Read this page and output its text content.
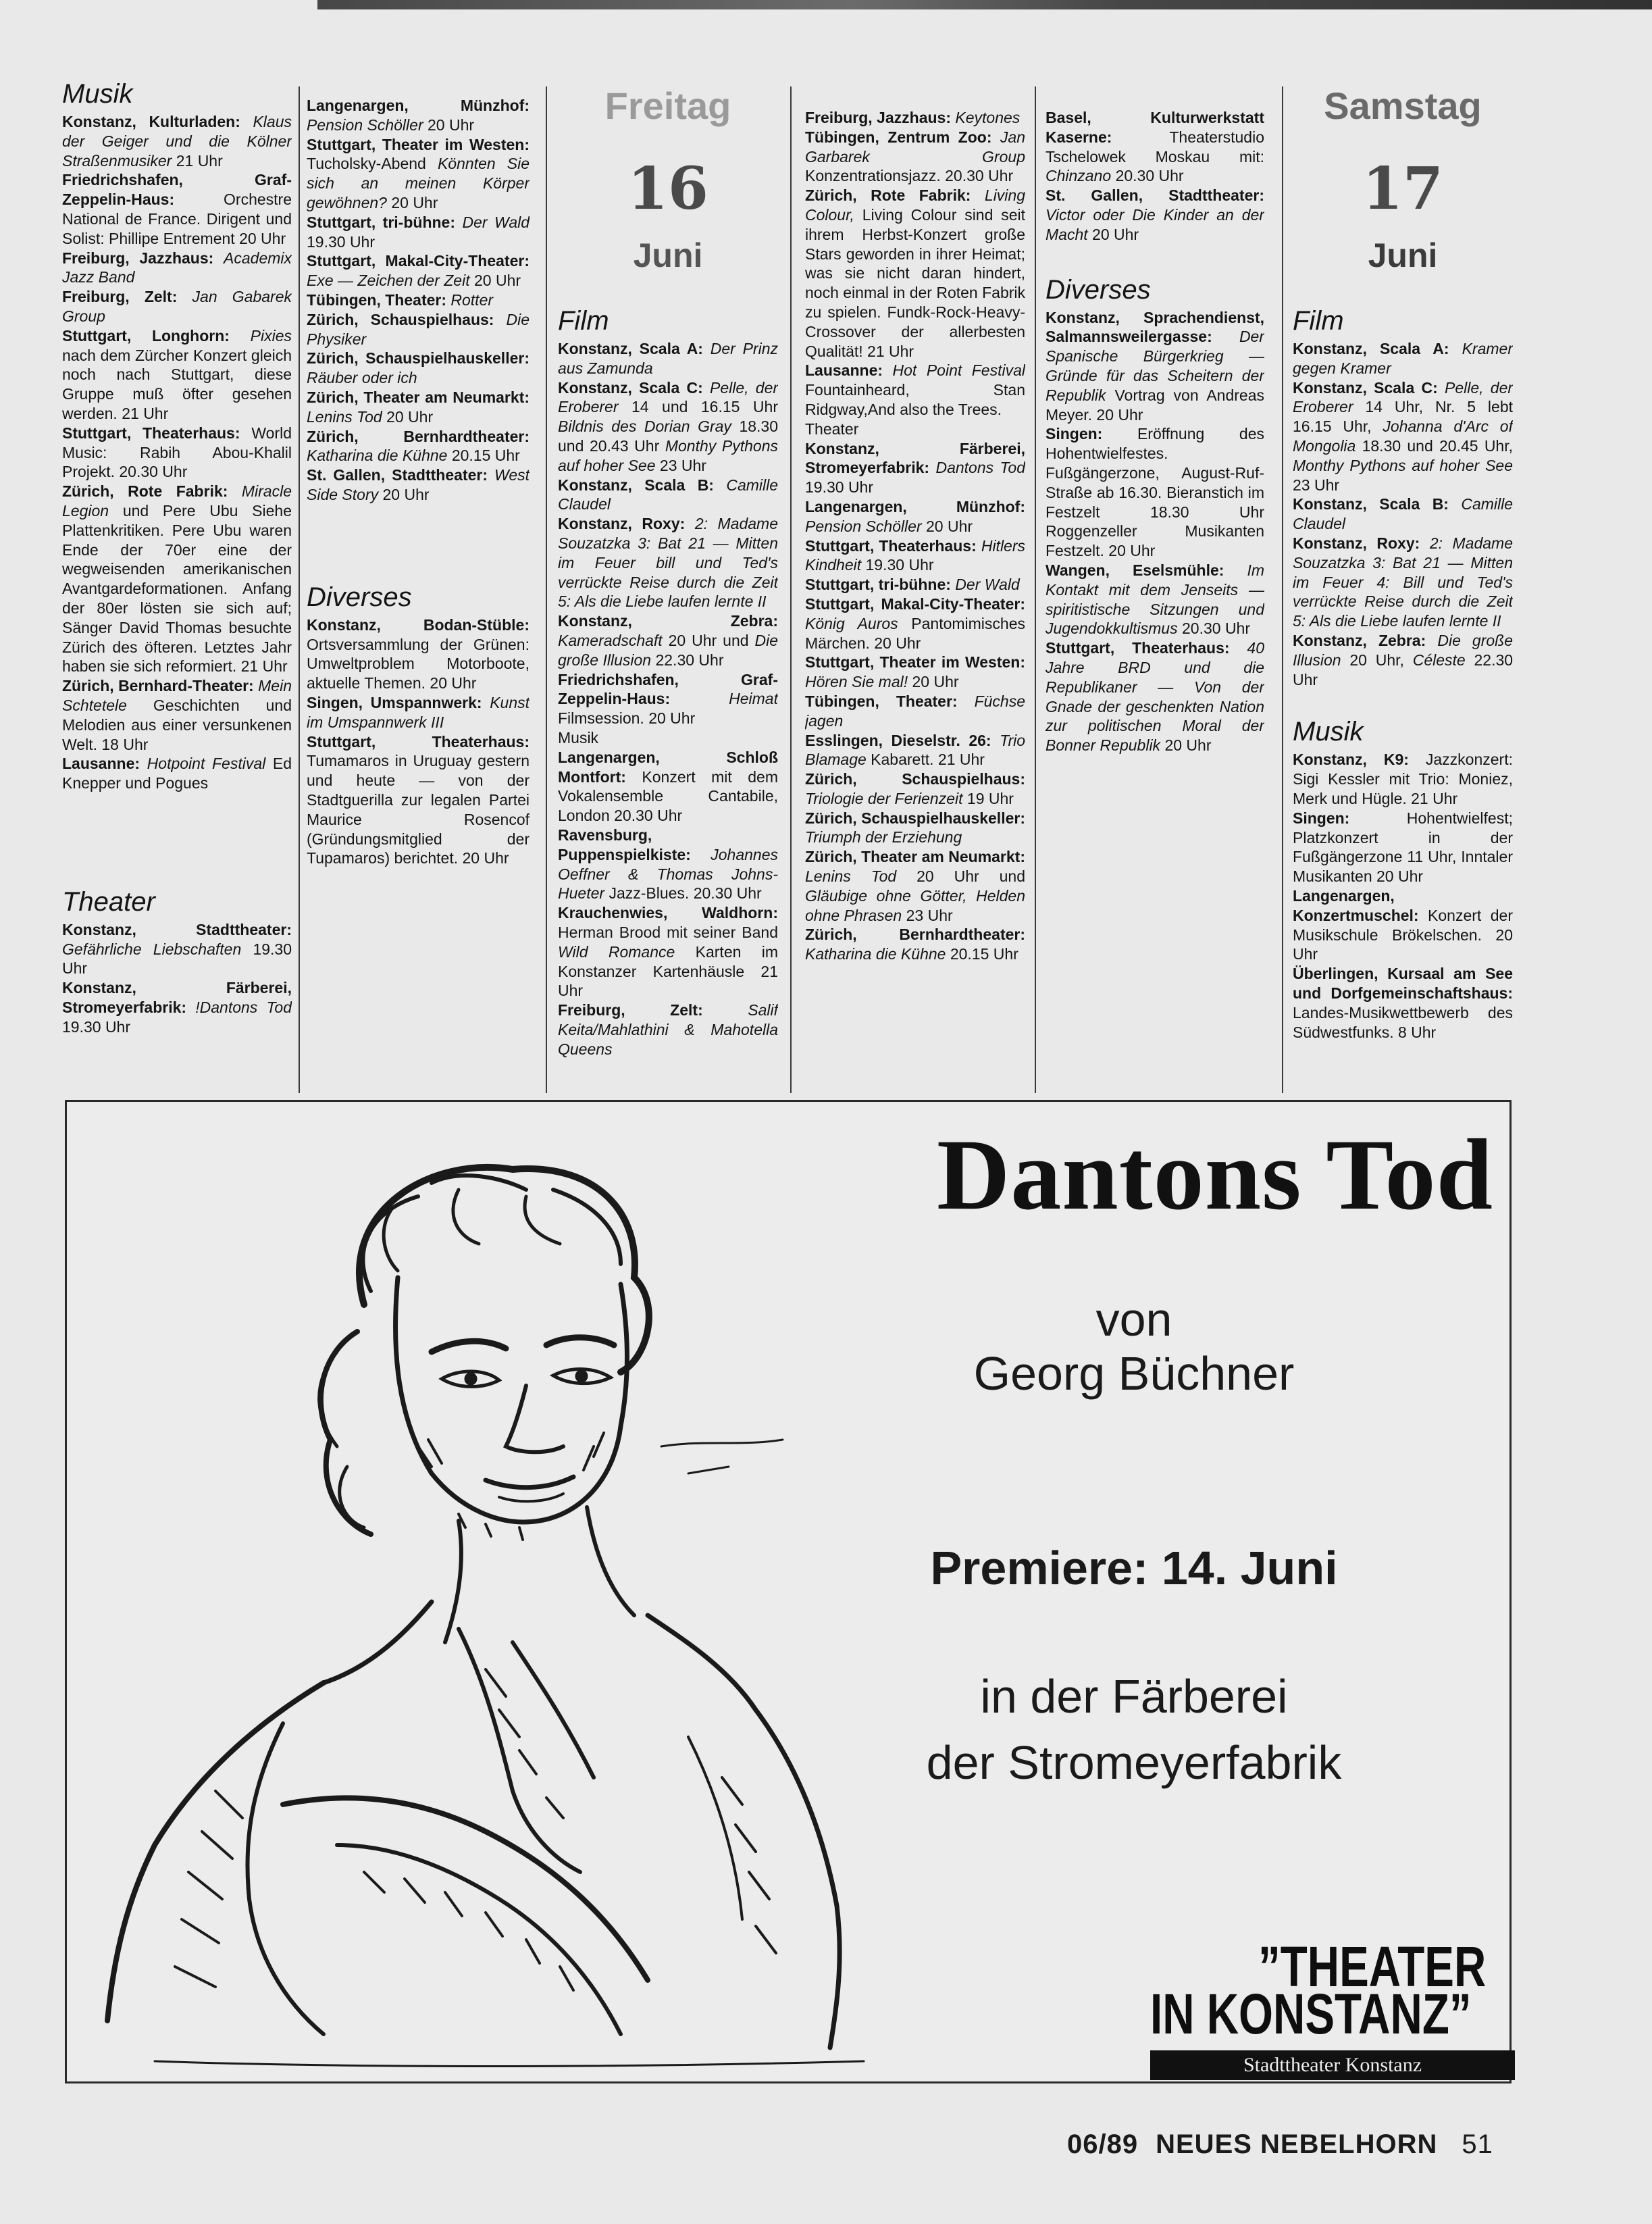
Musik

Konstanz, Kulturladen: Klaus der Geiger und die Kölner Straßenmusiker 21 Uhr

Friedrichshafen, Graf-Zeppelin-Haus:	Orchestre National de France. Dirigent und Solist: Phillipe Entrement 20 Uhr

Freiburg, Jazzhaus: Academix Jazz Band

Freiburg, Zelt: Jan Gabarek Group

Stuttgart, Longhorn: Pixies nach dem Zürcher Konzert gleich noch nach Stuttgart, diese Gruppe muß öfter gesehen werden. 21 Uhr

Stuttgart, Theaterhaus: World Music: Rabih Abou-Khalil Projekt. 20.30 Uhr

Zürich, Rote Fabrik: Miracle Legion und Pere Ubu Siehe Plattenkritiken. Pere Ubu waren Ende der 70er eine der wegweisenden amerikanischen Avantgardeformationen. Anfang der 80er lösten sie sich auf; Sänger David Thomas besuchte Zürich des öfteren. Letztes Jahr haben sie sich reformiert. 21 Uhr

Zürich, Bernhard-Theater: Mein Schtetele Geschichten und Melodien aus einer versunkenen Welt. 18 Uhr

Lausanne: Hotpoint Festival Ed Knepper und Pogues

Theater

Konstanz, Stadttheater: Gefährliche Liebschaften 19.30 Uhr

Konstanz, Färberei, Stromeyerfabrik: !Dantons Tod 19.30 Uhr

Langenargen, Münzhof: Pension Schöller 20 Uhr

Stuttgart, Theater im Westen: Tucholsky-Abend Könnten Sie sich an meinen Körper gewöhnen? 20 Uhr

Stuttgart, tri-bühne: Der Wald 19.30 Uhr

Stuttgart, Makal-City-Theater: Exe — Zeichen der Zeit 20 Uhr

Tübingen, Theater: Rotter

Zürich, Schauspielhaus: Die Physiker

Zürich, Schauspielhauskeller: Räuber oder ich

Zürich, Theater am Neumarkt: Lenins Tod 20 Uhr

Zürich, Bernhardtheater: Katharina die Kühne 20.15 Uhr

St. Gallen, Stadttheater: West Side Story 20 Uhr

Diverses

Konstanz, Bodan-Stüble: Ortsversammlung der Grünen: Umweltproblem Motorboote, aktuelle Themen. 20 Uhr

Singen, Umspannwerk: Kunst im Umspannwerk III

Stuttgart, Theaterhaus: Tumamaros in Uruguay gestern und heute — von der Stadtguerilla zur legalen Partei Maurice Rosencof (Gründungsmitglied der Tupamaros) berichtet. 20 Uhr

Freitag
16
Juni
Film

Konstanz, Scala A: Der Prinz aus Zamunda

Konstanz, Scala C: Pelle, der Eroberer 14 und 16.15 Uhr Bildnis des Dorian Gray 18.30 und 20.43 Uhr Monthy Pythons auf hoher See 23 Uhr

Konstanz, Scala B: Camille Claudel

Konstanz, Roxy: 2: Madame Souzatzka 3: Bat 21 — Mitten im Feuer bill und Ted's verrückte Reise durch die Zeit 5: Als die Liebe laufen lernte II

Konstanz, Zebra: Kameradschaft 20 Uhr und Die große Illusion 22.30 Uhr

Friedrichshafen, Graf-Zeppelin-Haus:	Heimat Filmsession. 20 Uhr

Musik

Langenargen, Schloß Montfort: Konzert mit dem Vokalensemble Cantabile, London 20.30 Uhr

Ravensburg, Puppenspielkiste: Johannes Oeffner & Thomas Johns-Hueter Jazz-Blues. 20.30 Uhr

Krauchenwies, Waldhorn: Herman Brood mit seiner Band Wild Romance Karten im Konstanzer Kartenhäusle 21 Uhr

Freiburg, Zelt:	Salif Keita/Mahlathini & Mahotella Queens

Freiburg, Jazzhaus: Keytones

Tübingen, Zentrum Zoo: Jan Garbarek Group Konzentrationsjazz. 20.30 Uhr

Zürich, Rote Fabrik: Living Colour, Living Colour sind seit ihrem Herbst-Konzert große Stars geworden in ihrer Heimat; was sie nicht daran hindert, noch einmal in der Roten Fabrik zu spielen. Fundk-Rock-Heavy-Crossover der allerbesten Qualität! 21 Uhr

Lausanne: Hot Point Festival Fountainheard, Stan Ridgway,And also the Trees.

Theater

Konstanz, Färberei, Stromeyerfabrik: Dantons Tod 19.30 Uhr

Langenargen, Münzhof: Pension Schöller 20 Uhr

Stuttgart, Theaterhaus: Hitlers Kindheit 19.30 Uhr

Stuttgart, tri-bühne: Der Wald

Stuttgart, Makal-City-Theater: König Auros Pantomimisches Märchen. 20 Uhr

Stuttgart, Theater im Westen: Hören Sie mal! 20 Uhr

Tübingen, Theater: Füchse jagen

Esslingen, Dieselstr. 26: Trio Blamage Kabarett. 21 Uhr

Zürich, Schauspielhaus: Triologie der Ferienzeit 19 Uhr

Zürich, Schauspielhauskeller: Triumph der Erziehung

Zürich, Theater am Neumarkt: Lenins Tod 20 Uhr und Gläubige ohne Götter, Helden ohne Phrasen 23 Uhr

Zürich, Bernhardtheater: Katharina die Kühne 20.15 Uhr

Basel, Kulturwerkstatt Kaserne:	Theaterstudio Tschelowek Moskau mit: Chinzano 20.30 Uhr

St. Gallen, Stadttheater: Victor oder Die Kinder an der Macht 20 Uhr

Diverses

Konstanz, Sprachendienst, Salmannsweilergasse: Der Spanische Bürgerkrieg — Gründe für das Scheitern der Republik Vortrag von Andreas Meyer. 20 Uhr

Singen: Eröffnung des Hohentwielfestes. Fußgängerzone, August-Ruf-Straße ab 16.30. Bieranstich im Festzelt 18.30 Uhr Roggenzeller Musikanten Festzelt. 20 Uhr

Wangen, Eselsmühle: Im Kontakt mit dem Jenseits — spiritistische Sitzungen und Jugendokkultismus 20.30 Uhr

Stuttgart, Theaterhaus: 40 Jahre BRD und die Republikaner — Von der Gnade der geschenkten Nation zur politischen Moral der Bonner Republik 20 Uhr

Samstag
17
Juni
Film

Konstanz, Scala A: Kramer gegen Kramer

Konstanz, Scala C: Pelle, der Eroberer 14 Uhr, Nr. 5 lebt 16.15 Uhr, Johanna d'Arc of Mongolia 18.30 und 20.45 Uhr, Monthy Pythons auf hoher See 23 Uhr

Konstanz, Scala B: Camille Claudel

Konstanz, Roxy: 2: Madame Souzatzka 3: Bat 21 — Mitten im Feuer 4: Bill und Ted's verrückte Reise durch die Zeit 5: Als die Liebe laufen lernte II

Konstanz, Zebra: Die große Illusion 20 Uhr, Céleste 22.30 Uhr

Musik

Konstanz, K9: Jazzkonzert: Sigi Kessler mit Trio: Moniez, Merk und Hügle. 21 Uhr

Singen:	Hohentwielfest; Platzkonzert in der Fußgängerzone 11 Uhr, Inntaler Musikanten 20 Uhr

Langenargen, Konzertmuschel: Konzert der Musikschule Brökelschen. 20 Uhr

Überlingen, Kursaal am See und Dorfgemeinschaftshaus: Landes-Musikwettbewerb des Südwestfunks. 8 Uhr

Dantons Tod
von
Georg Büchner
Premiere: 14. Juni
in der Färberei
der Stromeyerfabrik
”THEATER
IN KONSTANZ”
Stadttheater Konstanz
06/89 NEUES NEBELHORN 51
